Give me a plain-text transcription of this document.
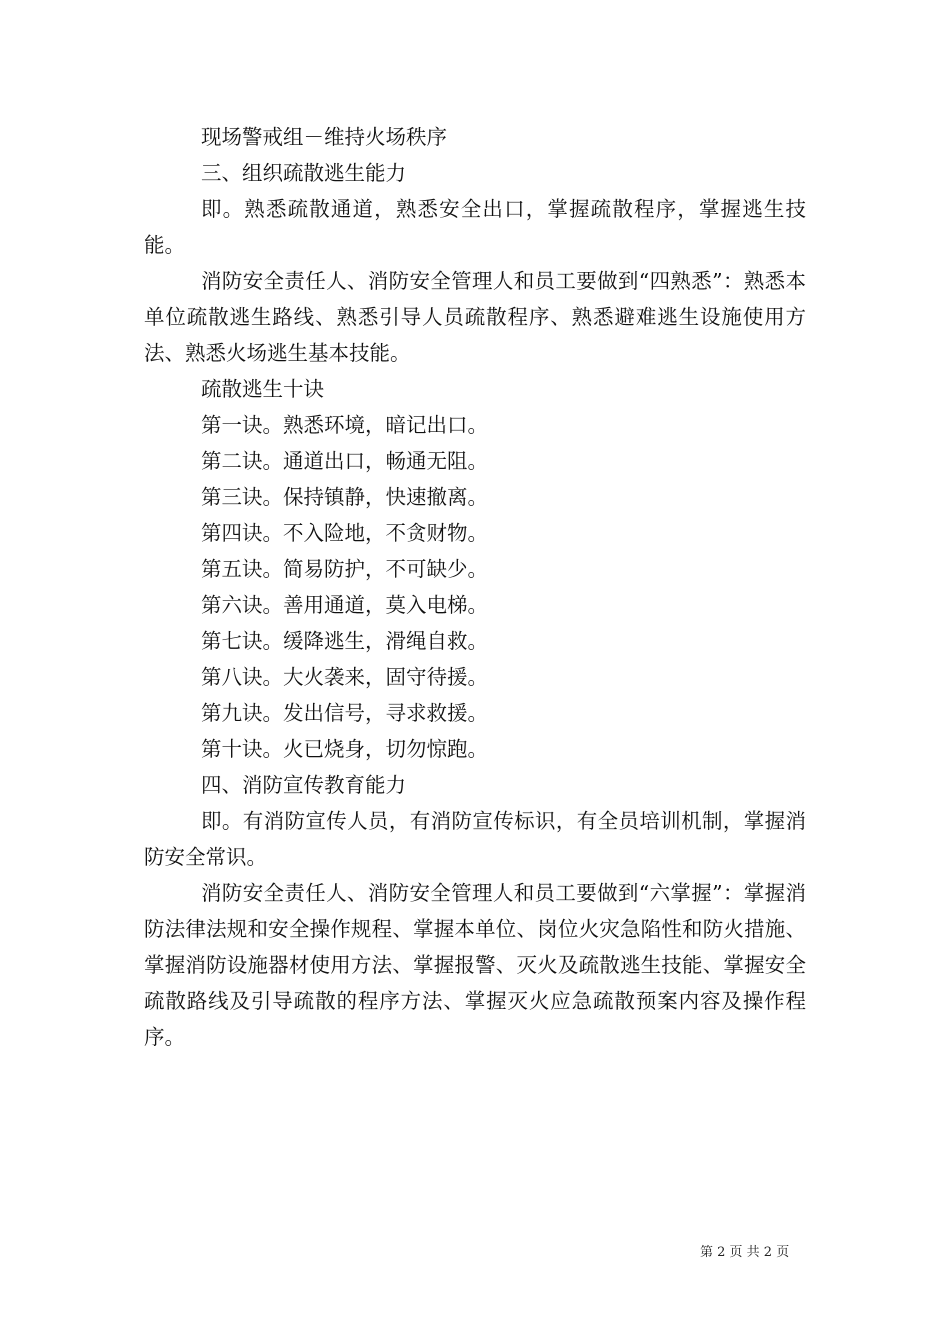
现场警戒组－维持火场秩序

三、组织疏散逃生能力

即。熟悉疏散通道，熟悉安全出口，掌握疏散程序，掌握逃生技能。

消防安全责任人、消防安全管理人和员工要做到“四熟悉”：熟悉本单位疏散逃生路线、熟悉引导人员疏散程序、熟悉避难逃生设施使用方法、熟悉火场逃生基本技能。

疏散逃生十诀

第一诀。熟悉环境，暗记出口。

第二诀。通道出口，畅通无阻。

第三诀。保持镇静，快速撤离。

第四诀。不入险地，不贪财物。

第五诀。简易防护，不可缺少。

第六诀。善用通道，莫入电梯。

第七诀。缓降逃生，滑绳自救。

第八诀。大火袭来，固守待援。

第九诀。发出信号，寻求救援。

第十诀。火已烧身，切勿惊跑。

四、消防宣传教育能力

即。有消防宣传人员，有消防宣传标识，有全员培训机制，掌握消防安全常识。

消防安全责任人、消防安全管理人和员工要做到“六掌握”：掌握消防法律法规和安全操作规程、掌握本单位、岗位火灾急陷性和防火措施、掌握消防设施器材使用方法、掌握报警、灭火及疏散逃生技能、掌握安全疏散路线及引导疏散的程序方法、掌握灭火应急疏散预案内容及操作程序。

第 2 页 共 2 页
